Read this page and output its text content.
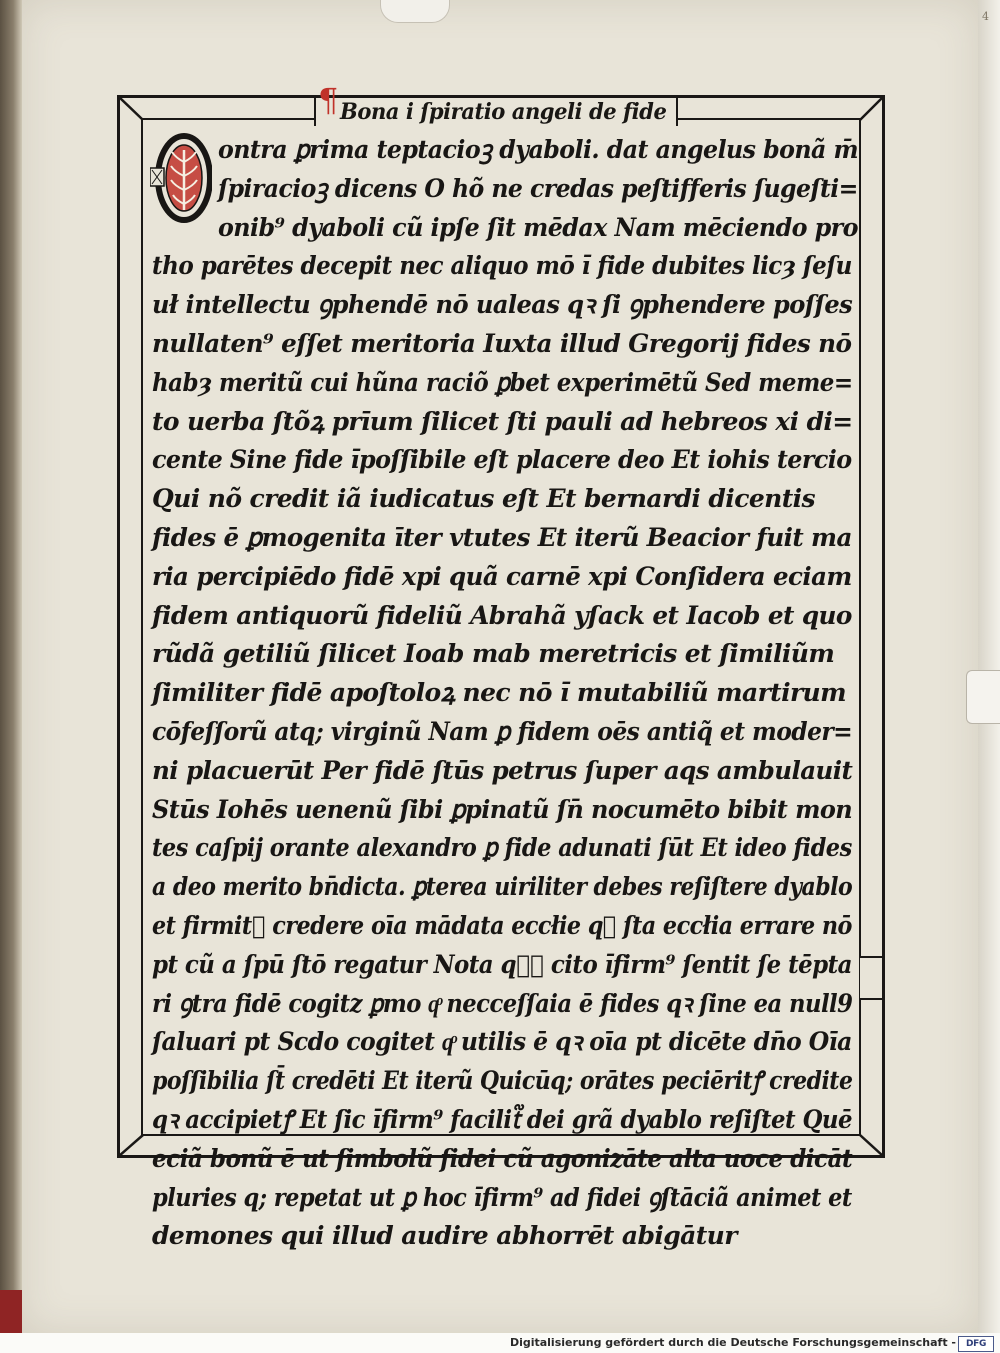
4
¶ Bona i ſpiratio angeli de fide
ontra ꝑrima teptacioꝫ dyaboli. dat angelus bonã m̄
ſpiracioꝫ dicens O hõ ne credas peſtifferis ſugeſti=
onib⁹ dyaboli cũ ipſe ſit mēdax Nam mēciendo pro
tho parētes decepit nec aliquo mō ı̄ fide dubites licȝ ſeſu
uł intellectu ꝯphendē nō ualeas qꝛ ſi ꝯphendere poſſes
nullaten⁹ eſſet meritoria Iuxta illud Gregorij fides nō
habȝ meritũ cui hũna raciõ ꝑbet experimētũ Sed meme=
to uerba ſtõꝝ prīum ſilicet ſti pauli ad hebreos xi di=
cente Sine fide ı̄poſſibile eſt placere deo Et iohis tercio
Qui nõ credit iã iudicatus eſt Et bernardi dicentis
fides ē ꝑmogenita īter vtutes Et iterũ Beacior fuit ma
ria percipiēdo fidē xpi quã carnē xpi Conſidera eciam
fidem antiquorũ fideliũ Abrahã yſack et Iacob et quo
rũdã getiliũ ſilicet Ioab mab meretricis et ſimiliũm
ſimiliter fidē apoſtoloꝝ nec nō ı̄ mutabiliũ martirum
cōfeſſorũ atq; virginũ Nam ꝑ fidem oēs antiq̃ et moder=
ni placuerūt Per fidē ſtūs petrus ſuper aqs ambulauit
Stūs Iohēs uenenũ ſibi ꝑpinatũ ſn̄ nocumēto bibit mon
tes caſpij orante alexandro ꝑ fide adunati ſūt Et ideo fides
a deo merito bn̄dicta. ꝑterea uiriliter debes reſiſtere dyablo
et firmit᷑ credere oīa mādata eccłie qꝛ ſta eccłia errare nō
pt cũ a ſpū ſtō regatur Nota qͦ᷑ cito ı̄firm⁹ ſentit ſe tēpta
ri ꝯtra fidē cogitz ꝑmo qͦ necceſſaia ē fides qꝛ ſine ea null9
ſaluari pt Scdo cogitet qͦ utilis ē qꝛ oīa pt dicēte dn̄o Oīa
poſſibilia ſt̄ credēti Et iterũ Quicūq; orātes peciēritꝭ credite
qꝛ accipietꝭ Et ſic ı̄firm⁹ facilit᷑ dei grã dyablo reſiſtet Quē
eciã bonũ ē ut ſimbolũ fidei cũ agonizāte alta uoce dicāt
pluries q; repetat ut ꝑ hoc ı̄firm⁹ ad fidei ꝯſtāciã animet et
demones qui illud audire abhorrēt abigātur
Digitalisierung gefördert durch die Deutsche Forschungsgemeinschaft -	DFG
